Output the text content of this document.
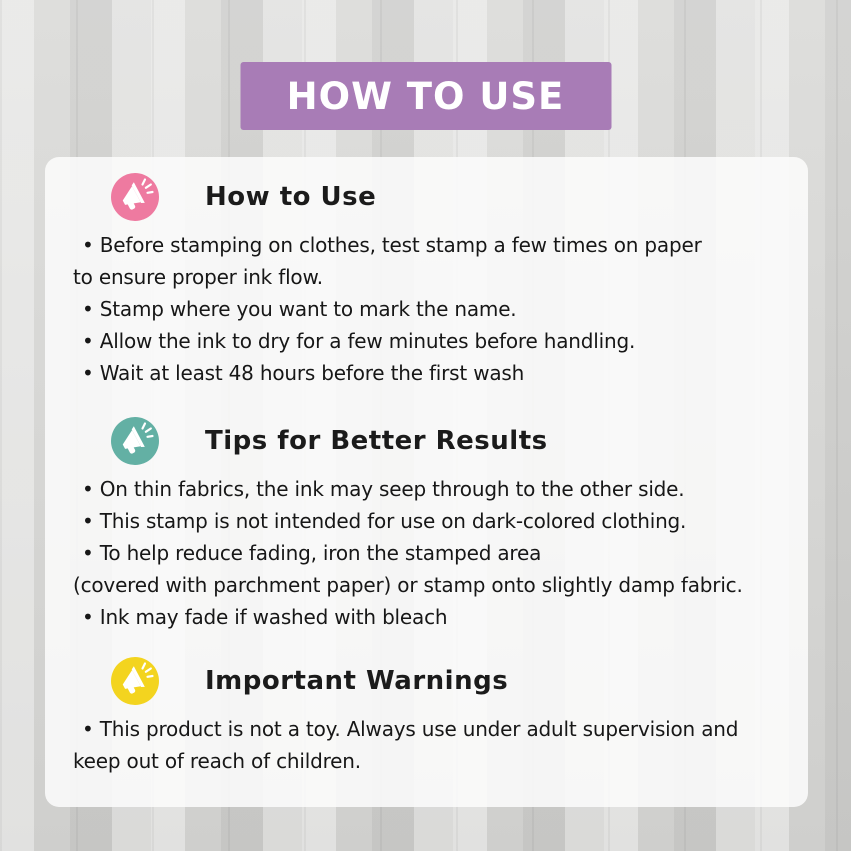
HOW TO USE
How to Use
• Before stamping on clothes, test stamp a few times on paper
to ensure proper ink flow.
• Stamp where you want to mark the name.
• Allow the ink to dry for a few minutes before handling.
• Wait at least 48 hours before the first wash
Tips for Better Results
• On thin fabrics, the ink may seep through to the other side.
• This stamp is not intended for use on dark-colored clothing.
• To help reduce fading, iron the stamped area
(covered with parchment paper) or stamp onto slightly damp fabric.
• Ink may fade if washed with bleach
Important Warnings
• This product is not a toy. Always use under adult supervision and
keep out of reach of children.
